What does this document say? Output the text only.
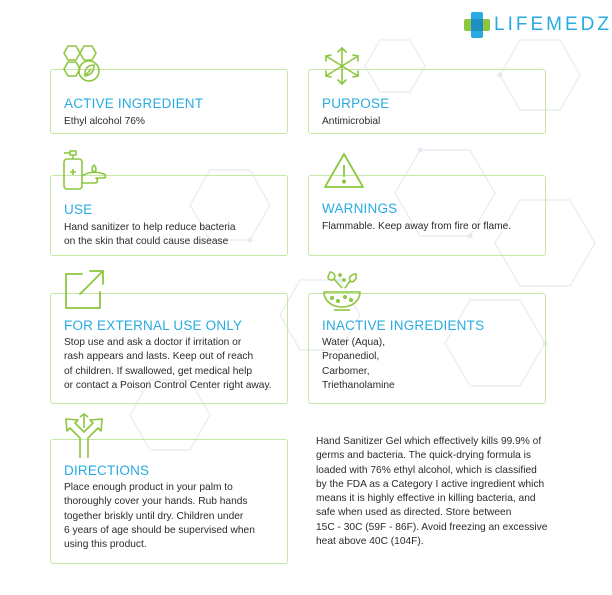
LIFEMEDZ
ACTIVE INGREDIENT
Ethyl alcohol 76%
PURPOSE
Antimicrobial
USE
Hand sanitizer to help reduce bacteria
on the skin that could cause disease
WARNINGS
Flammable. Keep away from fire or flame.
FOR EXTERNAL USE ONLY
Stop use and ask a doctor if irritation or
rash appears and lasts. Keep out of reach
of children. If swallowed, get medical help
or contact a Poison Control Center right away.
INACTIVE INGREDIENTS
Water (Aqua),
Propanediol,
Carbomer,
Triethanolamine
DIRECTIONS
Place enough product in your palm to
thoroughly cover your hands. Rub hands
together briskly until dry. Children under
6 years of age should be supervised when
using this product.
Hand Sanitizer Gel which effectively kills 99.9% of
germs and bacteria. The quick-drying formula is
loaded with 76% ethyl alcohol, which is classified
by the FDA as a Category I active ingredient which
means it is highly effective in killing bacteria, and
safe when used as directed. Store between
15C - 30C (59F - 86F). Avoid freezing an excessive
heat above 40C (104F).
